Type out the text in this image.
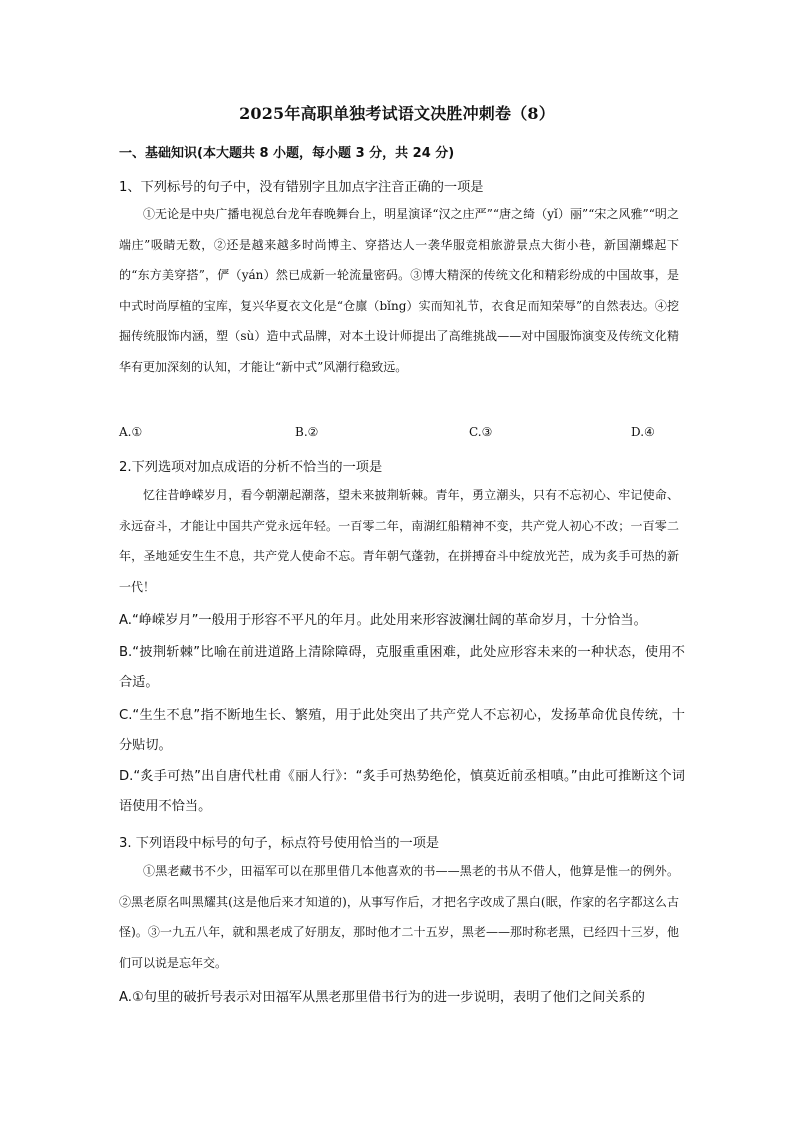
2025年高职单独考试语文决胜冲刺卷（8）
一、基础知识(本大题共 8 小题，每小题 3 分，共 24 分)
1、下列标号的句子中，没有错别字且加点字注音正确的一项是

①无论是中央广播电视总台龙年春晚舞台上，明星演译“汉之庄严”“唐之绮（yǐ）丽”“宋之风雅”“明之端庄”吸睛无数，②还是越来越多时尚博主、穿搭达人一袭华服竞相旅游景点大街小巷，新国潮蝶起下的“东方美穿搭”，俨（yán）然已成新一轮流量密码。③博大精深的传统文化和精彩纷成的中国故事，是中式时尚厚植的宝库，复兴华夏衣文化是“仓廪（bǐng）实而知礼节，衣食足而知荣辱”的自然表达。④挖掘传统服饰内涵，塑（sù）造中式品牌，对本土设计师提出了高维挑战——对中国服饰演变及传统文化精华有更加深刻的认知，才能让“新中式”风潮行稳致远。

A.①	B.②	C.③	D.④
2.下列选项对加点成语的分析不恰当的一项是

忆往昔峥嵘岁月，看今朝潮起潮落，望未来披荆斩棘。青年，勇立潮头，只有不忘初心、牢记使命、永远奋斗，才能让中国共产党永远年轻。一百零二年，南湖红船精神不变，共产党人初心不改；一百零二年，圣地延安生生不息，共产党人使命不忘。青年朝气蓬勃，在拼搏奋斗中绽放光芒，成为炙手可热的新一代！

A.“峥嵘岁月”一般用于形容不平凡的年月。此处用来形容波澜壮阔的革命岁月，十分恰当。

B.“披荆斩棘”比喻在前进道路上清除障碍，克服重重困难，此处应形容未来的一种状态，使用不合适。

C.“生生不息”指不断地生长、繁殖，用于此处突出了共产党人不忘初心，发扬革命优良传统，十分贴切。

D.“炙手可热”出自唐代杜甫《丽人行》：“炙手可热势绝伦，慎莫近前丞相嗔。”由此可推断这个词语使用不恰当。

3. 下列语段中标号的句子，标点符号使用恰当的一项是

①黑老藏书不少，田福军可以在那里借几本他喜欢的书——黑老的书从不借人，他算是惟一的例外。②黑老原名叫黑耀其(这是他后来才知道的)，从事写作后，才把名字改成了黑白(眠，作家的名字都这么古怪)。③一九五八年，就和黑老成了好朋友，那时他才二十五岁，黑老——那时称老黑，已经四十三岁，他们可以说是忘年交。

A.①句里的破折号表示对田福军从黑老那里借书行为的进一步说明，表明了他们之间关系的
